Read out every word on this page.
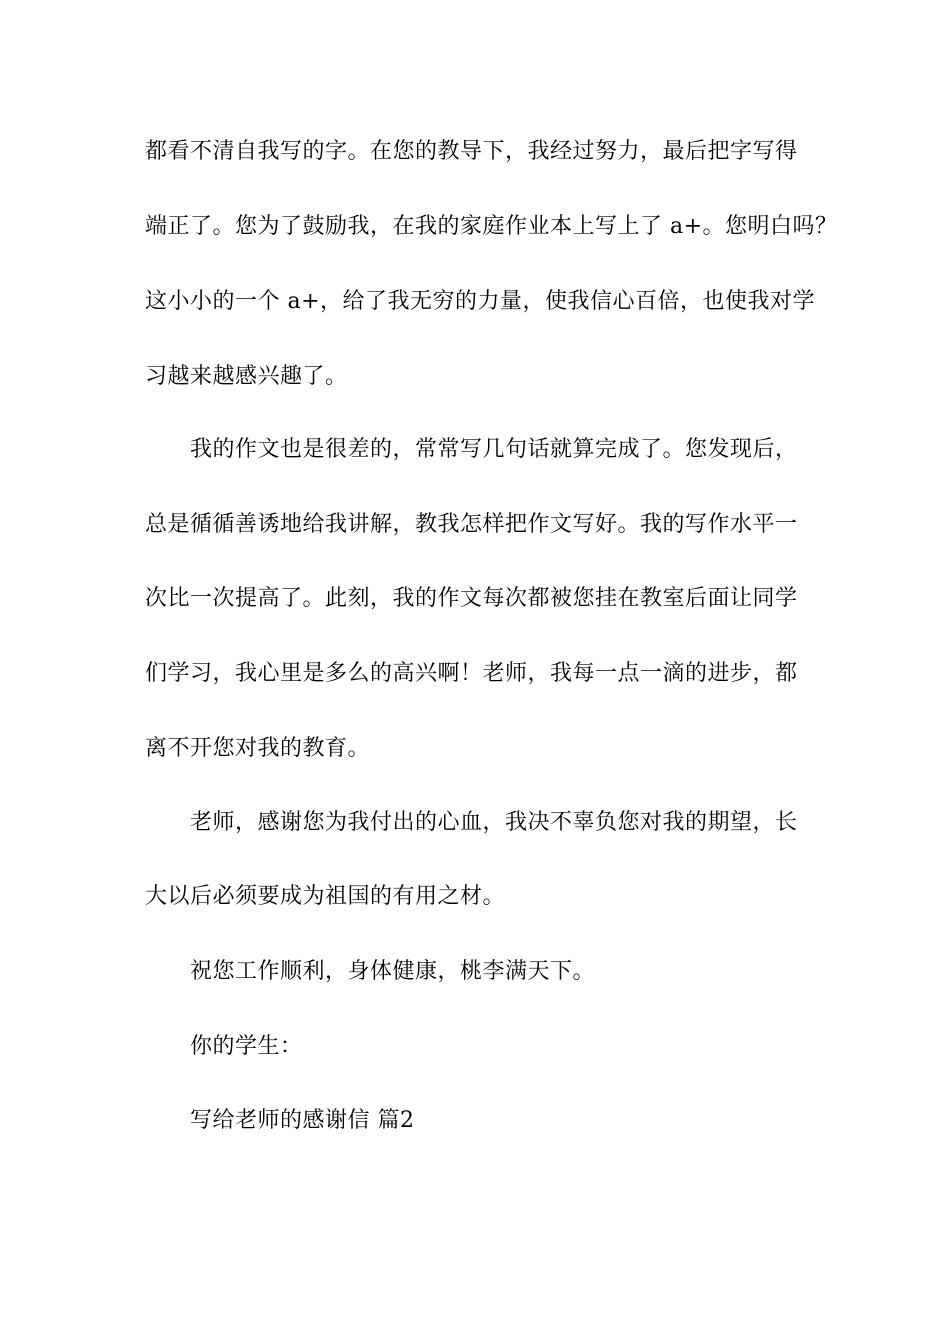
都看不清自我写的字。在您的教导下，我经过努力，最后把字写得
端正了。您为了鼓励我，在我的家庭作业本上写上了 a+。您明白吗？
这小小的一个 a+，给了我无穷的力量，使我信心百倍，也使我对学
习越来越感兴趣了。
我的作文也是很差的，常常写几句话就算完成了。您发现后，
总是循循善诱地给我讲解，教我怎样把作文写好。我的写作水平一
次比一次提高了。此刻，我的作文每次都被您挂在教室后面让同学
们学习，我心里是多么的高兴啊！老师，我每一点一滴的进步，都
离不开您对我的教育。
老师，感谢您为我付出的心血，我决不辜负您对我的期望，长
大以后必须要成为祖国的有用之材。
祝您工作顺利，身体健康，桃李满天下。
你的学生：
写给老师的感谢信 篇2
